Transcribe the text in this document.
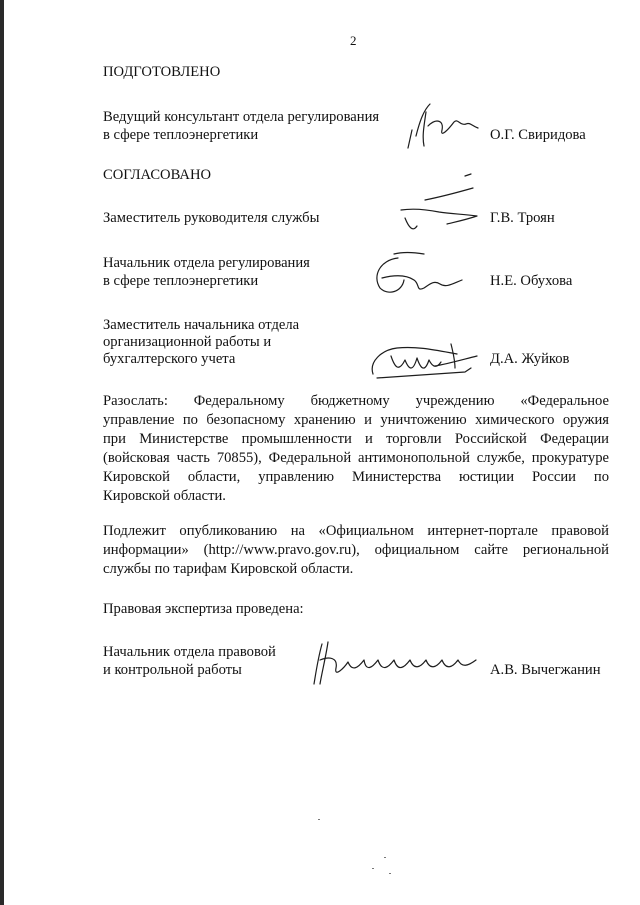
2
ПОДГОТОВЛЕНО
Ведущий консультант отдела регулирования
в сфере теплоэнергетики	О.Г. Свиридова
СОГЛАСОВАНО
Заместитель руководителя службы	Г.В. Троян
Начальник отдела регулирования
в сфере теплоэнергетики	Н.Е. Обухова
Заместитель начальника отдела
организационной работы и
бухгалтерского учета	Д.А. Жуйков
Разослать: Федеральному бюджетному учреждению «Федеральное
управление по безопасному хранению и уничтожению химического оружия
при Министерстве промышленности и торговли Российской Федерации
(войсковая часть 70855), Федеральной антимонопольной службе, прокуратуре
Кировской области, управлению Министерства юстиции России по
Кировской области.
Подлежит опубликованию на «Официальном интернет-портале правовой
информации» (http://www.pravo.gov.ru), официальном сайте региональной
службы по тарифам Кировской области.
Правовая экспертиза проведена:
Начальник отдела правовой
и контрольной работы	А.В. Вычегжанин
